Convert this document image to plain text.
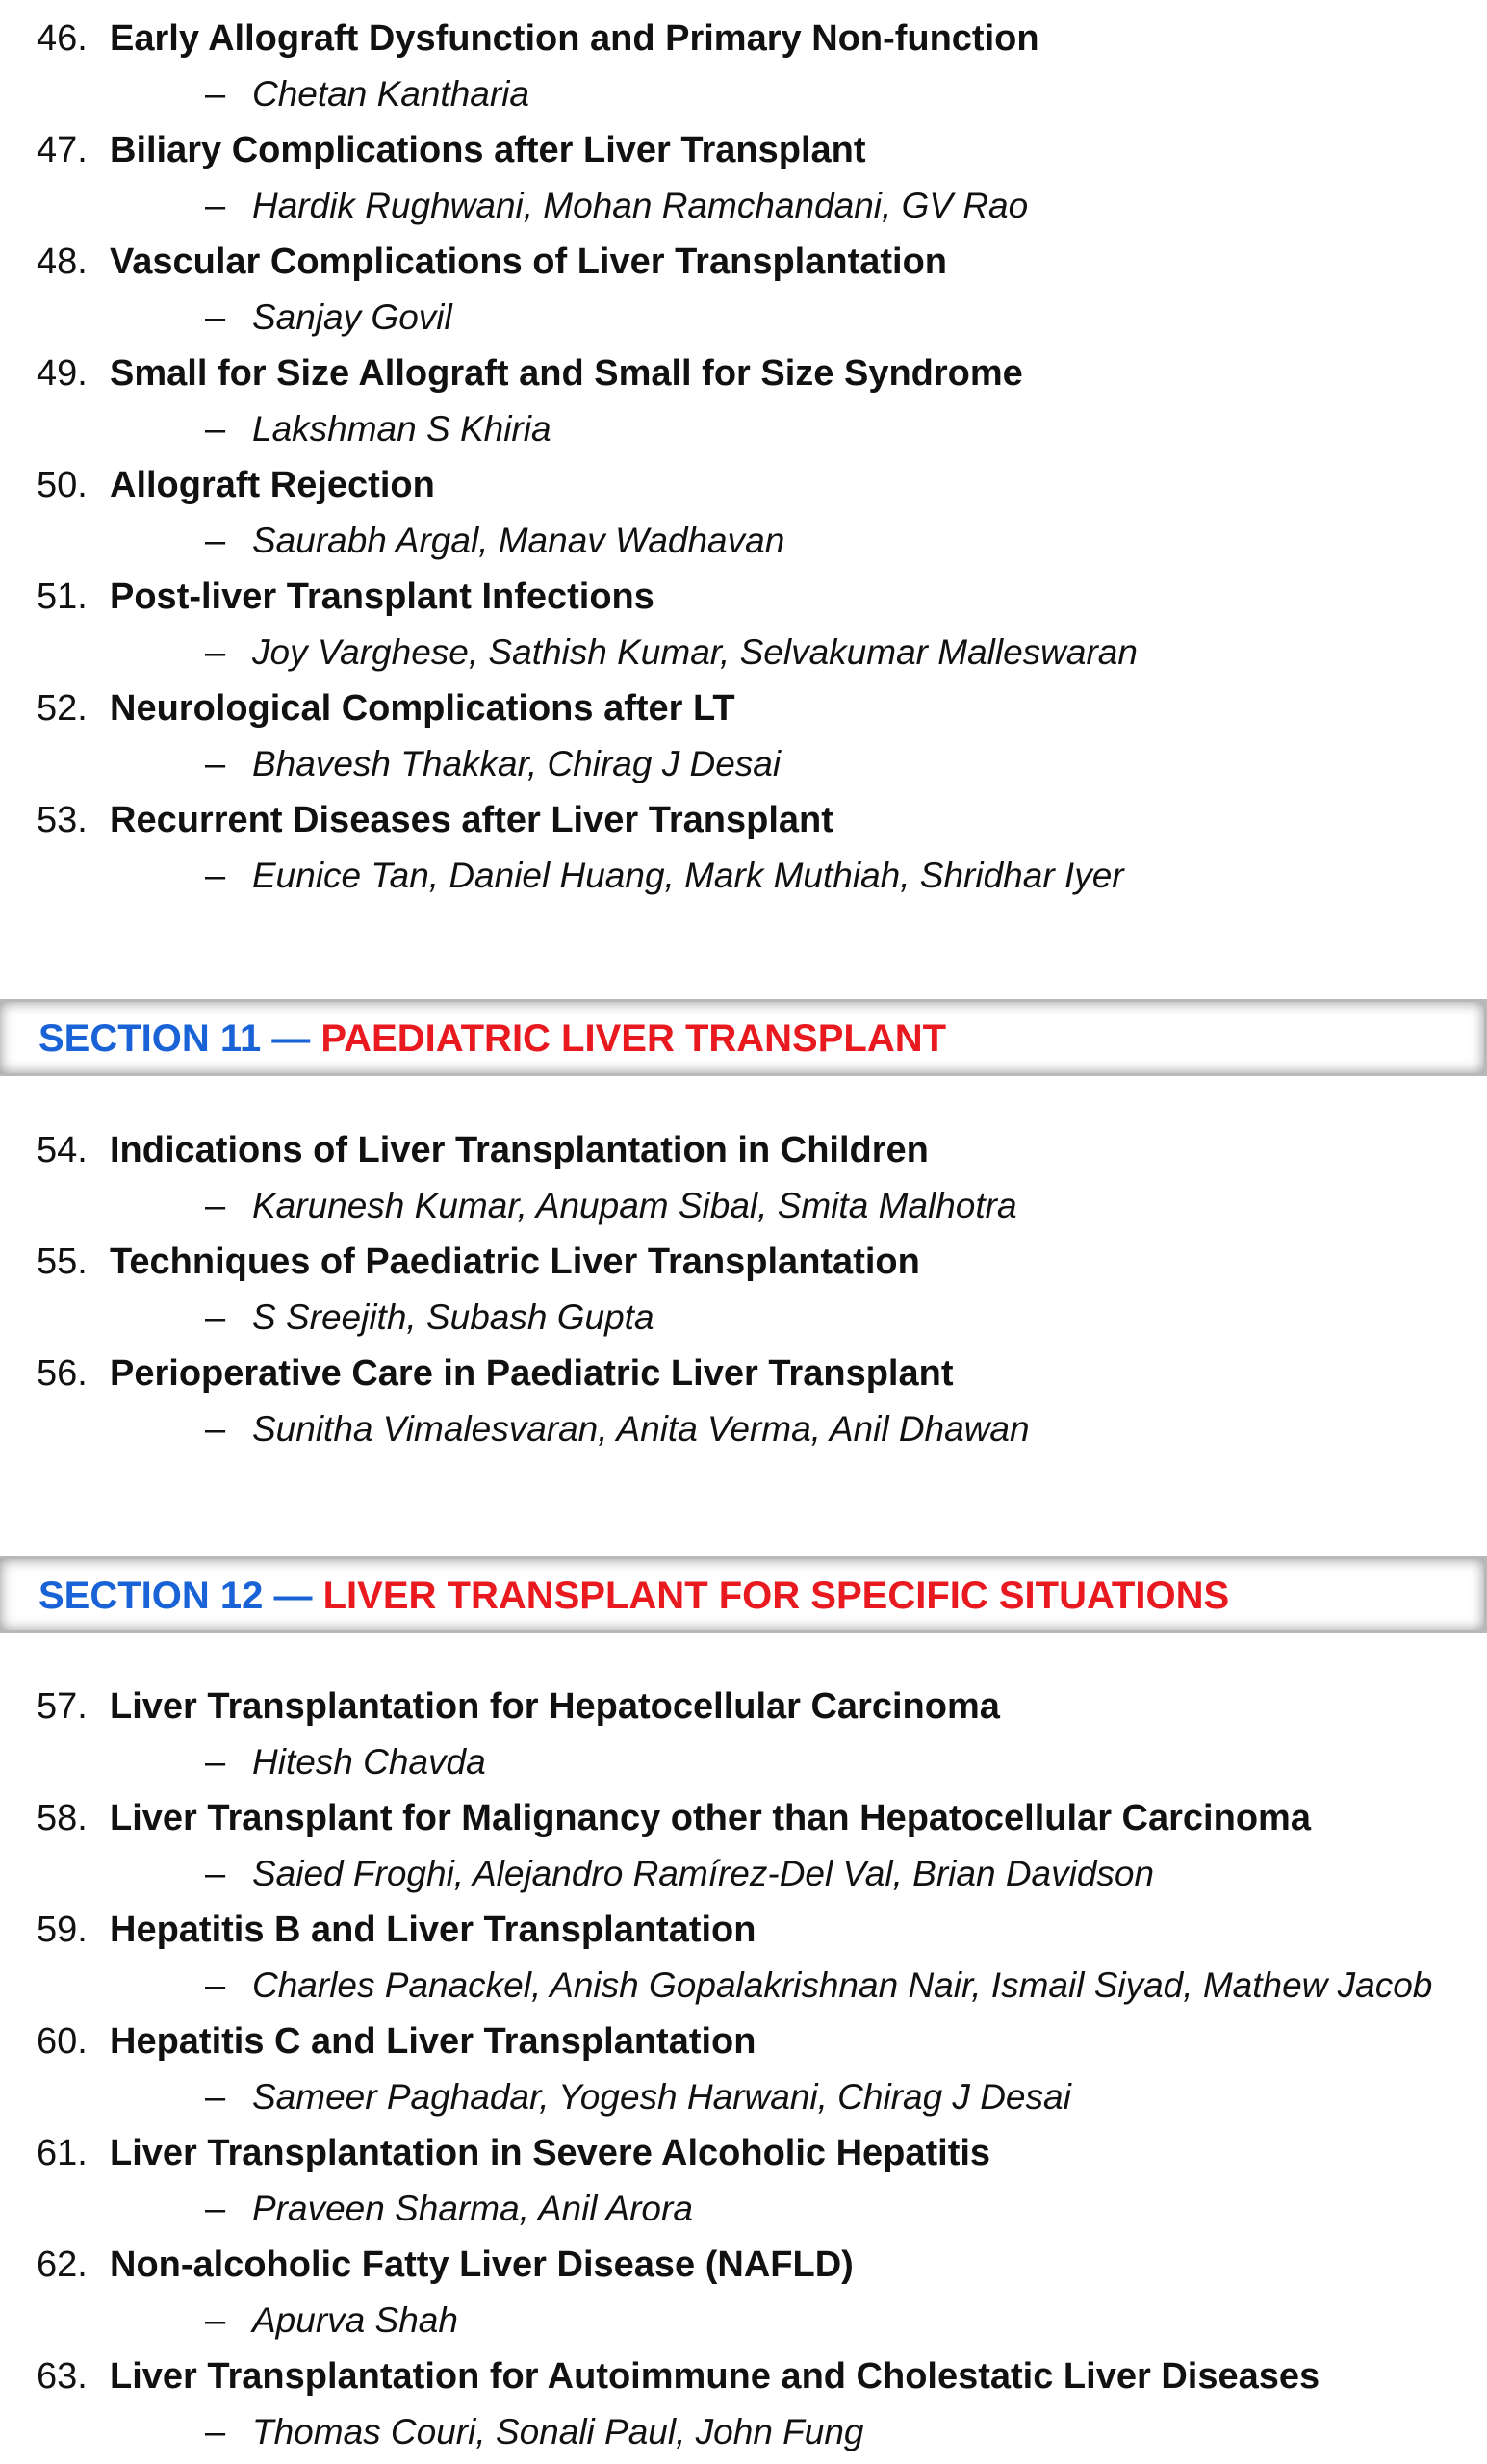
46. Early Allograft Dysfunction and Primary Non-function
– Chetan Kantharia
47. Biliary Complications after Liver Transplant
– Hardik Rughwani, Mohan Ramchandani, GV Rao
48. Vascular Complications of Liver Transplantation
– Sanjay Govil
49. Small for Size Allograft and Small for Size Syndrome
– Lakshman S Khiria
50. Allograft Rejection
– Saurabh Argal, Manav Wadhavan
51. Post-liver Transplant Infections
– Joy Varghese, Sathish Kumar, Selvakumar Malleswaran
52. Neurological Complications after LT
– Bhavesh Thakkar, Chirag J Desai
53. Recurrent Diseases after Liver Transplant
– Eunice Tan, Daniel Huang, Mark Muthiah, Shridhar Iyer
SECTION 11 — PAEDIATRIC LIVER TRANSPLANT
54. Indications of Liver Transplantation in Children
– Karunesh Kumar, Anupam Sibal, Smita Malhotra
55. Techniques of Paediatric Liver Transplantation
– S Sreejith, Subash Gupta
56. Perioperative Care in Paediatric Liver Transplant
– Sunitha Vimalesvaran, Anita Verma, Anil Dhawan
SECTION 12 — LIVER TRANSPLANT FOR SPECIFIC SITUATIONS
57. Liver Transplantation for Hepatocellular Carcinoma
– Hitesh Chavda
58. Liver Transplant for Malignancy other than Hepatocellular Carcinoma
– Saied Froghi, Alejandro Ramírez-Del Val, Brian Davidson
59. Hepatitis B and Liver Transplantation
– Charles Panackel, Anish Gopalakrishnan Nair, Ismail Siyad, Mathew Jacob
60. Hepatitis C and Liver Transplantation
– Sameer Paghadar, Yogesh Harwani, Chirag J Desai
61. Liver Transplantation in Severe Alcoholic Hepatitis
– Praveen Sharma, Anil Arora
62. Non-alcoholic Fatty Liver Disease (NAFLD)
– Apurva Shah
63. Liver Transplantation for Autoimmune and Cholestatic Liver Diseases
– Thomas Couri, Sonali Paul, John Fung
